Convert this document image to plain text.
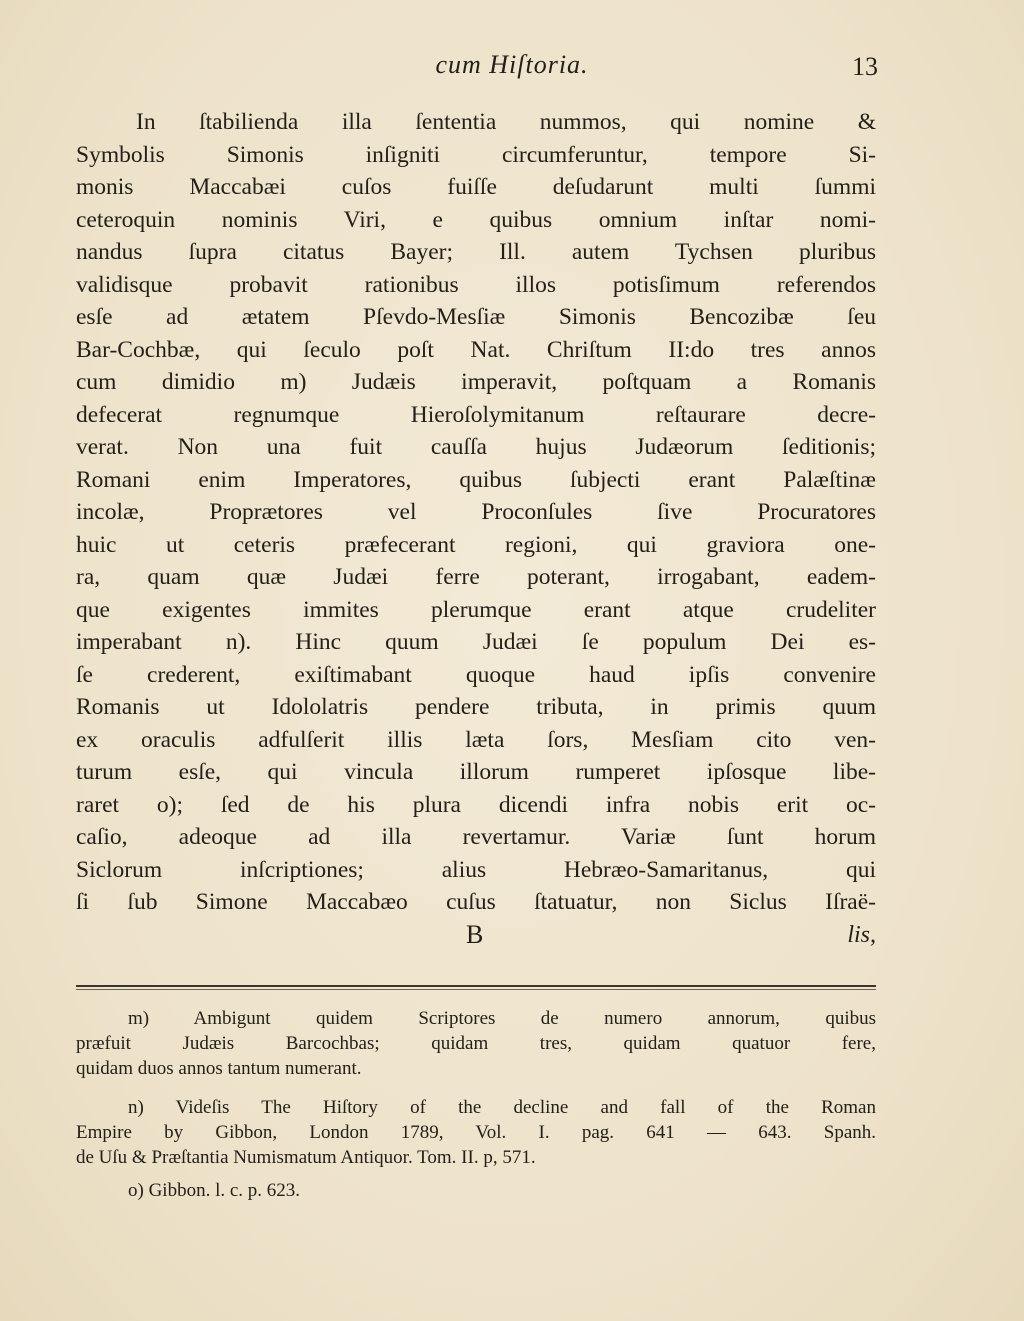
cum Hiſtoria.	13
In ſtabilienda illa ſententia nummos, qui nomine &
Symbolis Simonis inſigniti circumferuntur, tempore Si-
monis Maccabæi cuſos fuiſſe deſudarunt multi ſummi
ceteroquin nominis Viri, e quibus omnium inſtar nomi-
nandus ſupra citatus Bayer; Ill. autem Tychsen pluribus
validisque probavit rationibus illos potisſimum referendos
esſe ad ætatem Pſevdo-Mesſiæ Simonis Bencozibæ ſeu
Bar-Cochbæ, qui ſeculo poſt Nat. Chriſtum II:do tres annos
cum dimidio m) Judæis imperavit, poſtquam a Romanis
defecerat regnumque Hieroſolymitanum reſtaurare decre-
verat. Non una fuit cauſſa hujus Judæorum ſeditionis;
Romani enim Imperatores, quibus ſubjecti erant Palæſtinæ
incolæ, Proprætores vel Proconſules ſive Procuratores
huic ut ceteris præfecerant regioni, qui graviora one-
ra, quam quæ Judæi ferre poterant, irrogabant, eadem-
que exigentes immites plerumque erant atque crudeliter
imperabant n). Hinc quum Judæi ſe populum Dei es-
ſe crederent, exiſtimabant quoque haud ipſis convenire
Romanis ut Idololatris pendere tributa, in primis quum
ex oraculis adfulſerit illis læta ſors, Mesſiam cito ven-
turum esſe, qui vincula illorum rumperet ipſosque libe-
raret o); ſed de his plura dicendi infra nobis erit oc-
caſio, adeoque ad illa revertamur. Variæ ſunt horum
Siclorum inſcriptiones; alius Hebræo-Samaritanus, qui
ſi ſub Simone Maccabæo cuſus ſtatuatur, non Siclus Iſraë-
B	lis,
m) Ambigunt quidem Scriptores de numero annorum, quibus
præfuit Judæis Barcochbas; quidam tres, quidam quatuor fere,
quidam duos annos tantum numerant.
n) Videſis The Hiſtory of the decline and fall of the Roman
Empire by Gibbon, London 1789, Vol. I. pag. 641 — 643. Spanh.
de Uſu & Præſtantia Numismatum Antiquor. Tom. II. p, 571.
o) Gibbon. l. c. p. 623.
